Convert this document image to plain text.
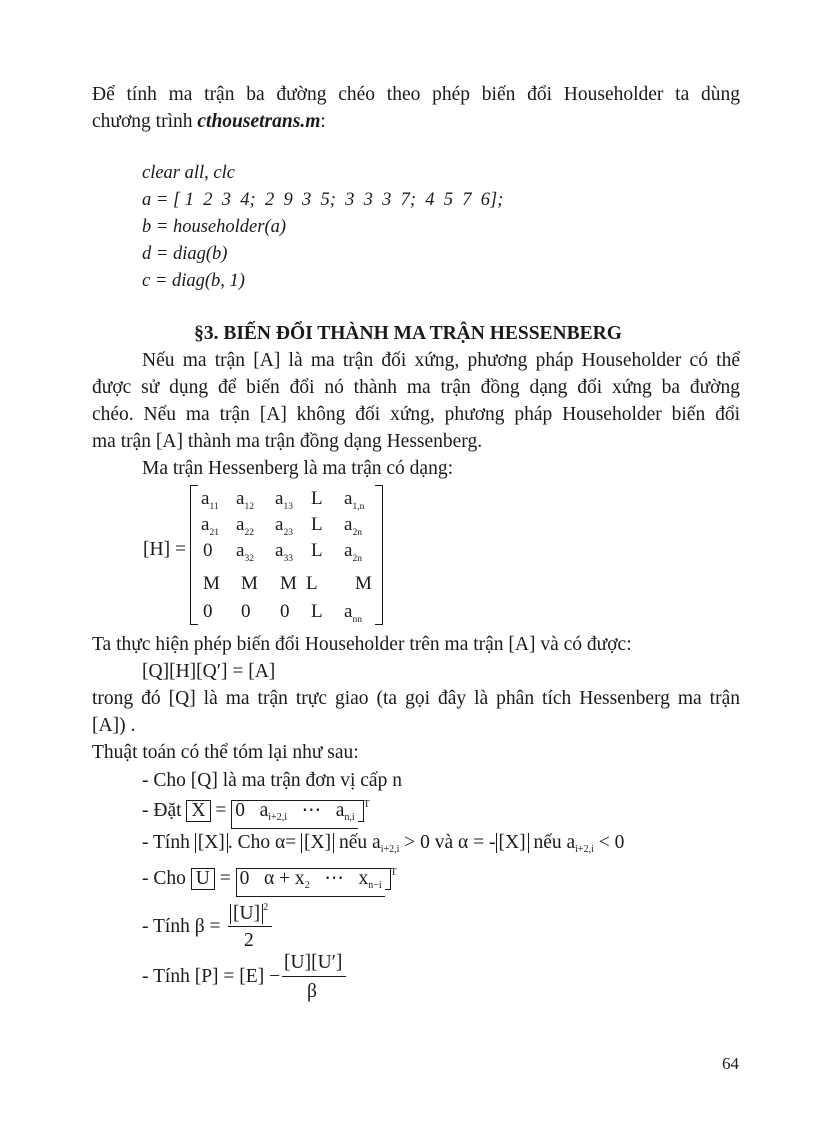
Để tính ma trận ba đường chéo theo phép biến đổi Householder ta dùng
chương trình cthousetrans.m:
clear all, clc
a = [ 1  2  3  4;  2  9  3  5;  3  3  3  7;  4  5  7  6];
b = householder(a)
d = diag(b)
c = diag(b, 1)
§3. BIẾN ĐỔI THÀNH MA TRẬN HESSENBERG
Nếu ma trận [A] là ma trận đối xứng, phương pháp Householder có thể
được sử dụng để biến đổi nó thành ma trận đồng dạng đối xứng ba đường
chéo. Nếu ma trận [A] không đối xứng, phương pháp Householder biến đổi
ma trận [A] thành ma trận đồng dạng Hessenberg.
Ma trận Hessenberg là ma trận có dạng:
[H] =
$a_{11}$ $a_{12}$ $a_{13}$ L $a_{1,n}$
$a_{21}$ $a_{22}$ $a_{23}$ L $a_{2n}$
0 $a_{32}$ $a_{33}$ L $a_{2n}$
M M M L M
0 0 0 L $a_{nn}$
Ta thực hiện phép biến đổi Householder trên ma trận [A] và có được:
[Q][H][Q′] = [A]
trong đó [Q] là ma trận trực giao (ta gọi đây là phân tích Hessenberg ma trận
[A]) .
Thuật toán có thể tóm lại như sau:
- Cho [Q] là ma trận đơn vị cấp n
- Đặt X = 0 $a_{i+2,i}$ ⋯ $a_{n,i}$ $^T$
- Tính [X] . Cho α= [X] nếu $a_{i+2,i} > 0$ và α = - [X] nếu $a_{i+2,i} < 0$
- Cho U = 0 $\alpha + x_2$ ⋯ $x_{n-i}$ $^T$
- Tính β =
[U] $^2$
2
- Tính [P] = [E] −
[U][U′]
β
64
